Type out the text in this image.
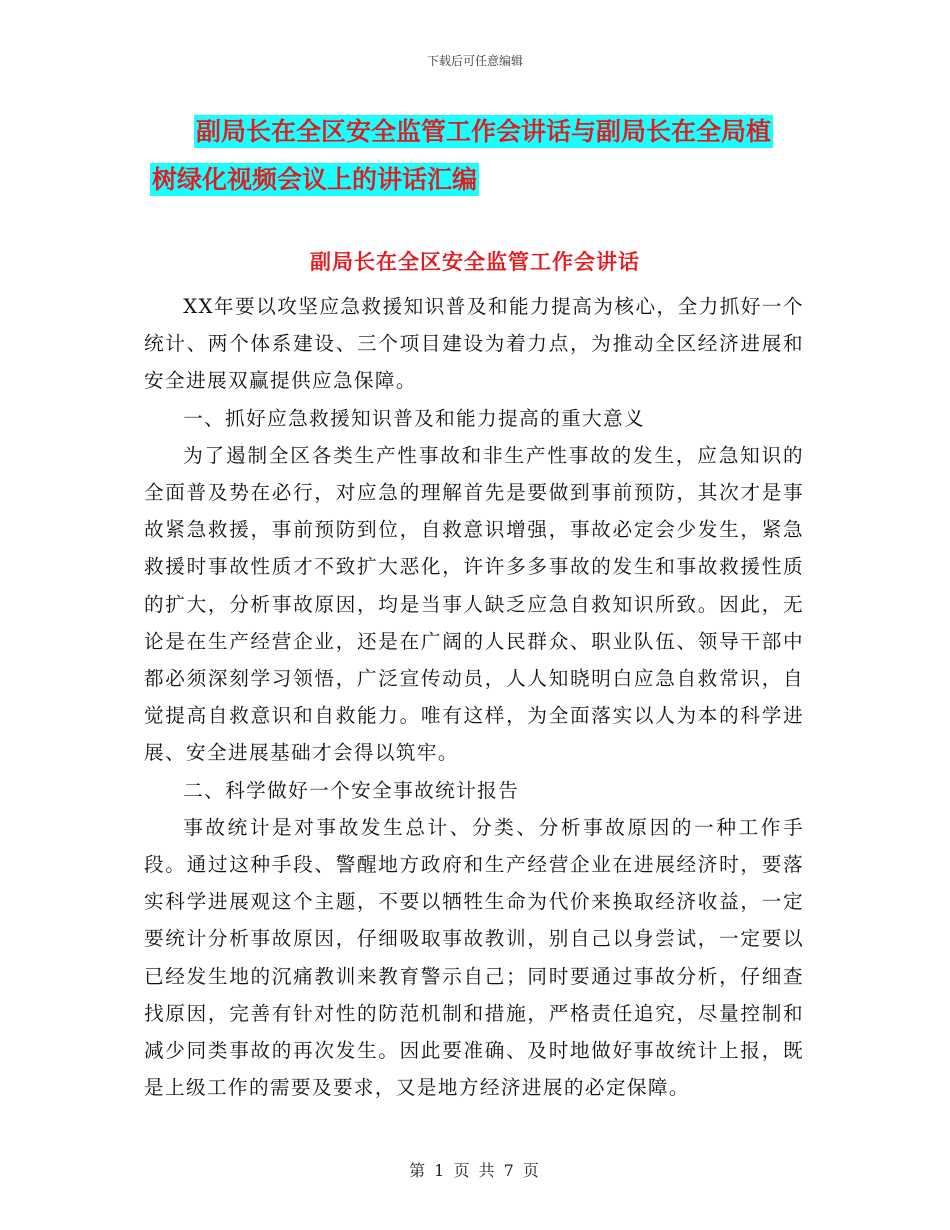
下载后可任意编辑
副局长在全区安全监管工作会讲话与副局长在全局植
树绿化视频会议上的讲话汇编
副局长在全区安全监管工作会讲话

XX年要以攻坚应急救援知识普及和能力提高为核心，全力抓好一个统计、两个体系建设、三个项目建设为着力点，为推动全区经济进展和安全进展双赢提供应急保障。

一、抓好应急救援知识普及和能力提高的重大意义

为了遏制全区各类生产性事故和非生产性事故的发生，应急知识的全面普及势在必行，对应急的理解首先是要做到事前预防，其次才是事故紧急救援，事前预防到位，自救意识增强，事故必定会少发生，紧急救援时事故性质才不致扩大恶化，许许多多事故的发生和事故救援性质的扩大，分析事故原因，均是当事人缺乏应急自救知识所致。因此，无论是在生产经营企业，还是在广阔的人民群众、职业队伍、领导干部中都必须深刻学习领悟，广泛宣传动员，人人知晓明白应急自救常识，自觉提高自救意识和自救能力。唯有这样，为全面落实以人为本的科学进展、安全进展基础才会得以筑牢。

二、科学做好一个安全事故统计报告

事故统计是对事故发生总计、分类、分析事故原因的一种工作手段。通过这种手段、警醒地方政府和生产经营企业在进展经济时，要落实科学进展观这个主题，不要以牺牲生命为代价来换取经济收益，一定要统计分析事故原因，仔细吸取事故教训，别自己以身尝试，一定要以已经发生地的沉痛教训来教育警示自己；同时要通过事故分析，仔细查找原因，完善有针对性的防范机制和措施，严格责任追究，尽量控制和减少同类事故的再次发生。因此要准确、及时地做好事故统计上报，既是上级工作的需要及要求，又是地方经济进展的必定保障。

第 1 页 共 7 页
